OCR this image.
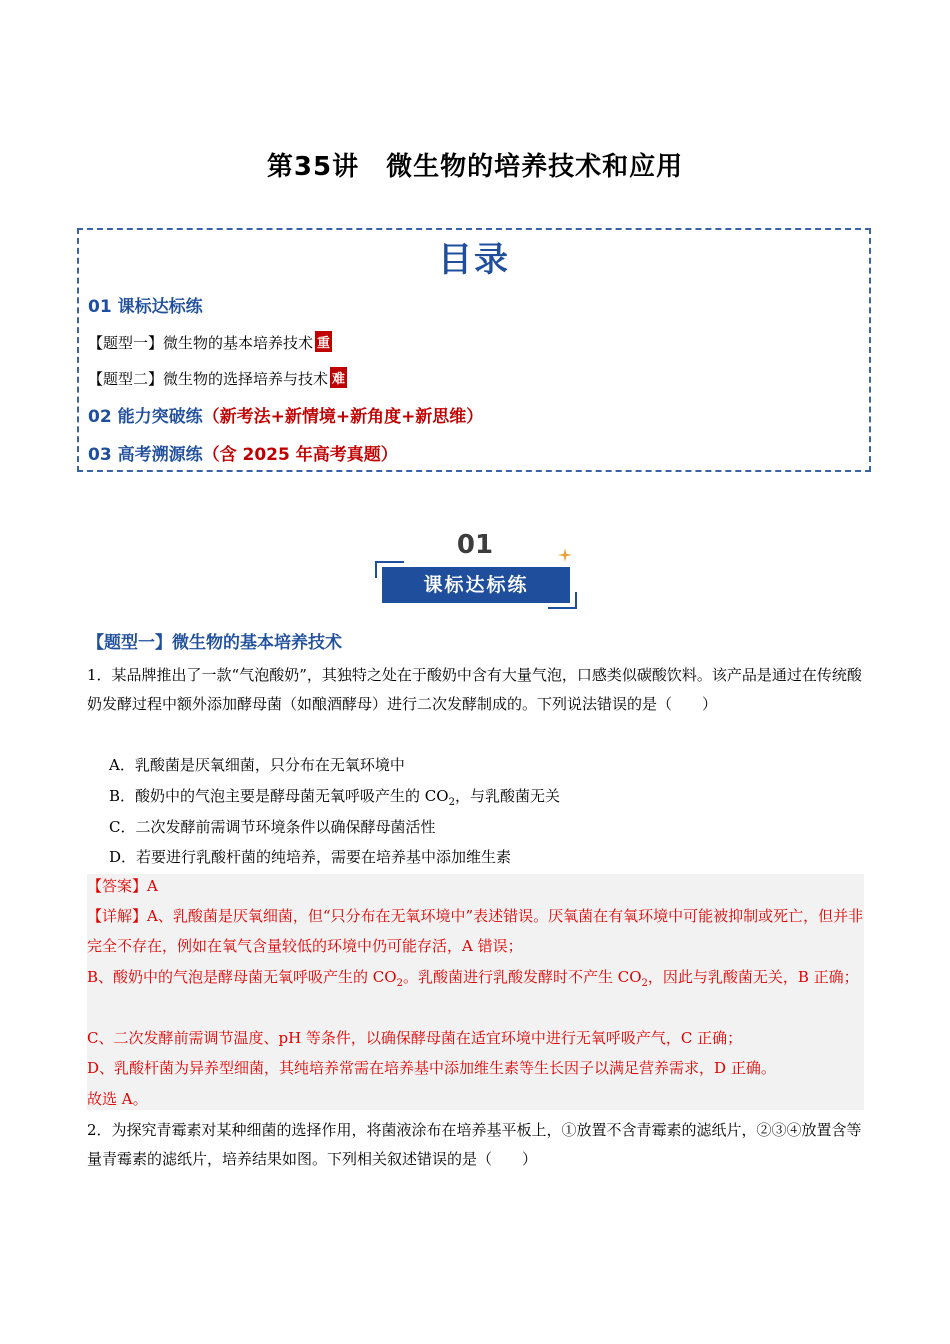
第35讲　微生物的培养技术和应用
目录
01 课标达标练
【题型一】微生物的基本培养技术 重
【题型二】微生物的选择培养与技术 难
02 能力突破练（新考法+新情境+新角度+新思维）
03 高考溯源练（含 2025 年高考真题）
01
课标达标练
【题型一】微生物的基本培养技术
1．某品牌推出了一款“气泡酸奶”，其独特之处在于酸奶中含有大量气泡，口感类似碳酸饮料。该产品是通过在传统酸奶发酵过程中额外添加酵母菌（如酿酒酵母）进行二次发酵制成的。下列说法错误的是（　　）
A．乳酸菌是厌氧细菌，只分布在无氧环境中
B．酸奶中的气泡主要是酵母菌无氧呼吸产生的 $CO_2$，与乳酸菌无关
C．二次发酵前需调节环境条件以确保酵母菌活性
D．若要进行乳酸杆菌的纯培养，需要在培养基中添加维生素
【答案】A
【详解】A、乳酸菌是厌氧细菌，但“只分布在无氧环境中”表述错误。厌氧菌在有氧环境中可能被抑制或死亡，但并非完全不存在，例如在氧气含量较低的环境中仍可能存活，A 错误；
B、酸奶中的气泡是酵母菌无氧呼吸产生的 $CO_2$。乳酸菌进行乳酸发酵时不产生 $CO_2$，因此与乳酸菌无关，B 正确；
C、二次发酵前需调节温度、pH 等条件，以确保酵母菌在适宜环境中进行无氧呼吸产气，C 正确；
D、乳酸杆菌为异养型细菌，其纯培养常需在培养基中添加维生素等生长因子以满足营养需求，D 正确。
故选 A。
2．为探究青霉素对某种细菌的选择作用，将菌液涂布在培养基平板上，①放置不含青霉素的滤纸片，②③④放置含等量青霉素的滤纸片，培养结果如图。下列相关叙述错误的是（　　）
